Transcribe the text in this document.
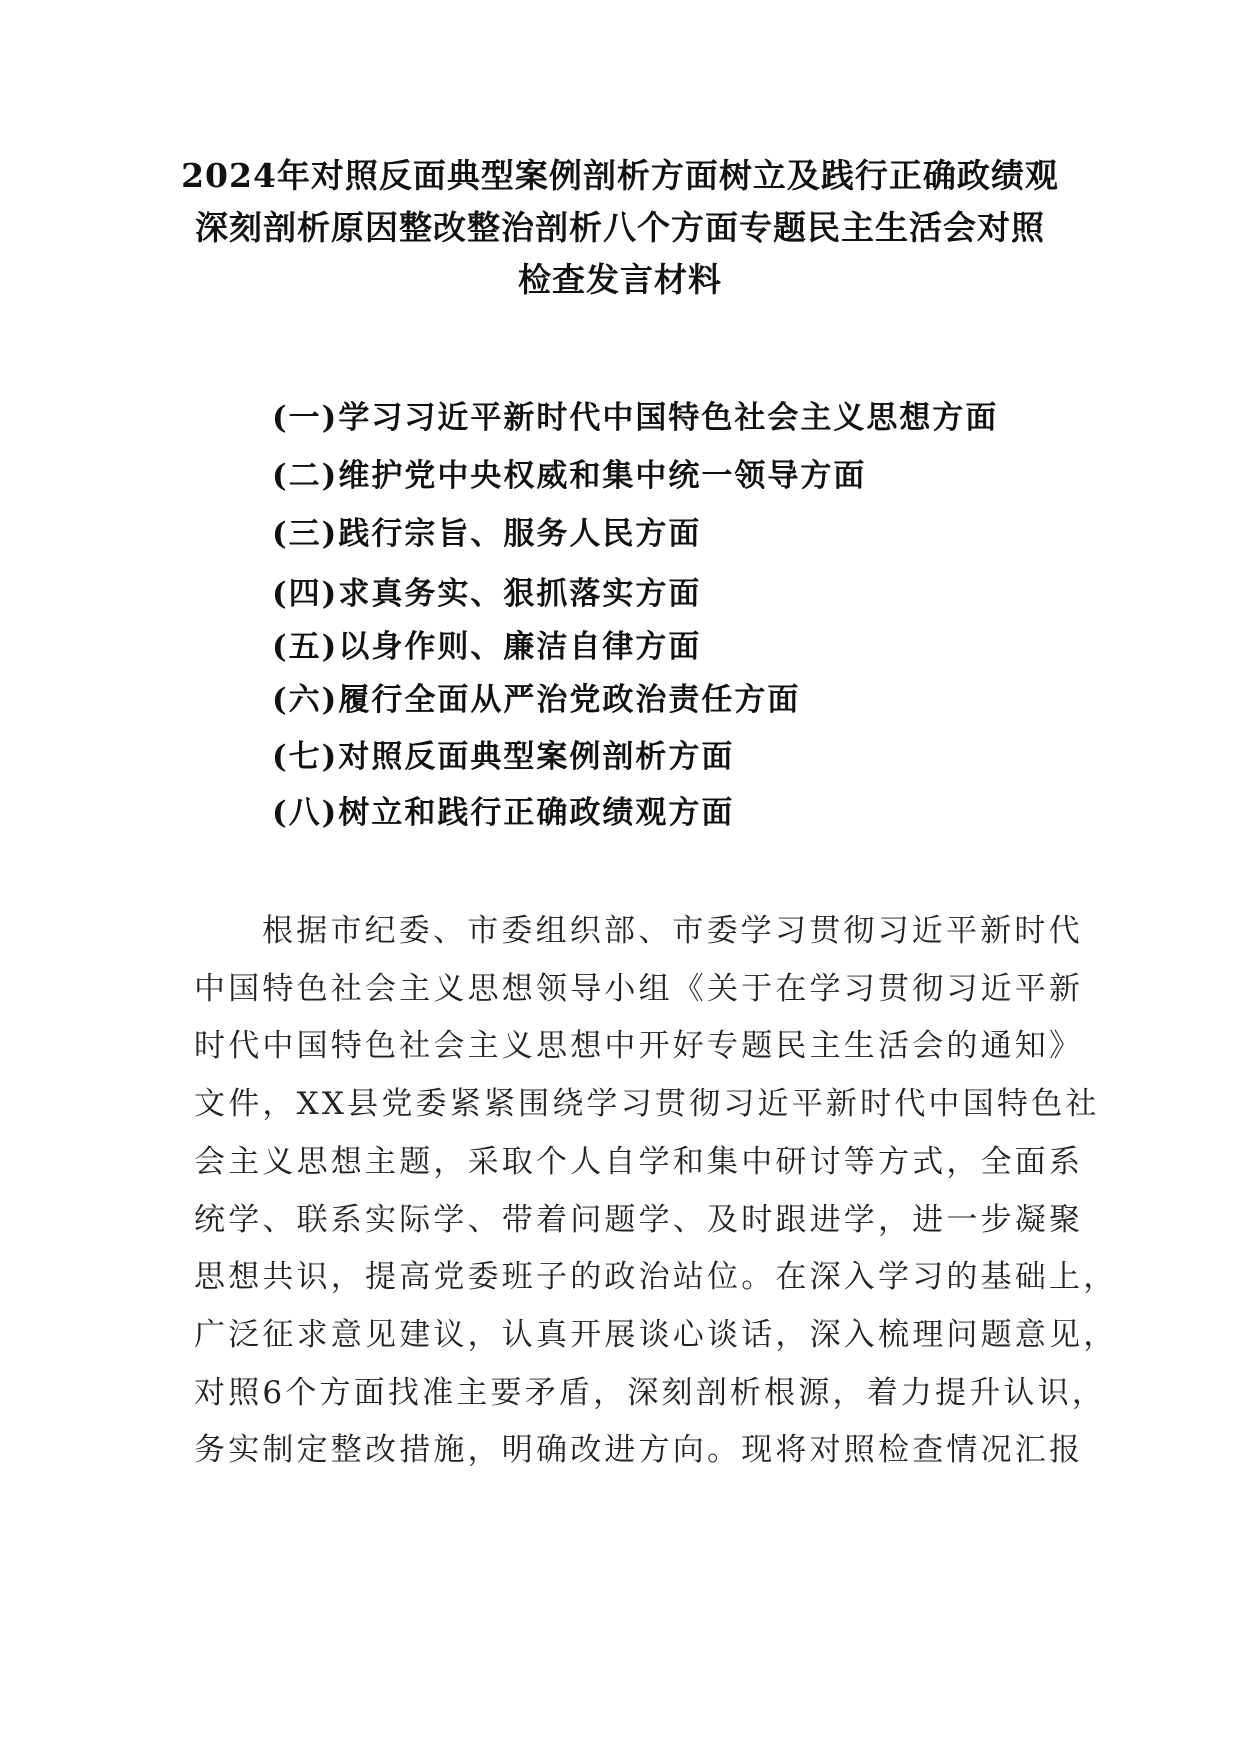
2024年对照反面典型案例剖析方面树立及践行正确政绩观
深刻剖析原因整改整治剖析八个方面专题民主生活会对照
检查发言材料
(一)学习习近平新时代中国特色社会主义思想方面
(二)维护党中央权威和集中统一领导方面
(三)践行宗旨、服务人民方面
(四)求真务实、狠抓落实方面
(五)以身作则、廉洁自律方面
(六)履行全面从严治党政治责任方面
(七)对照反面典型案例剖析方面
(八)树立和践行正确政绩观方面
根据市纪委、市委组织部、市委学习贯彻习近平新时代
中国特色社会主义思想领导小组《关于在学习贯彻习近平新
时代中国特色社会主义思想中开好专题民主生活会的通知》
文件，XX县党委紧紧围绕学习贯彻习近平新时代中国特色社
会主义思想主题，采取个人自学和集中研讨等方式，全面系
统学、联系实际学、带着问题学、及时跟进学，进一步凝聚
思想共识，提高党委班子的政治站位。在深入学习的基础上，
广泛征求意见建议，认真开展谈心谈话，深入梳理问题意见，
对照6个方面找准主要矛盾，深刻剖析根源，着力提升认识，
务实制定整改措施，明确改进方向。现将对照检查情况汇报
